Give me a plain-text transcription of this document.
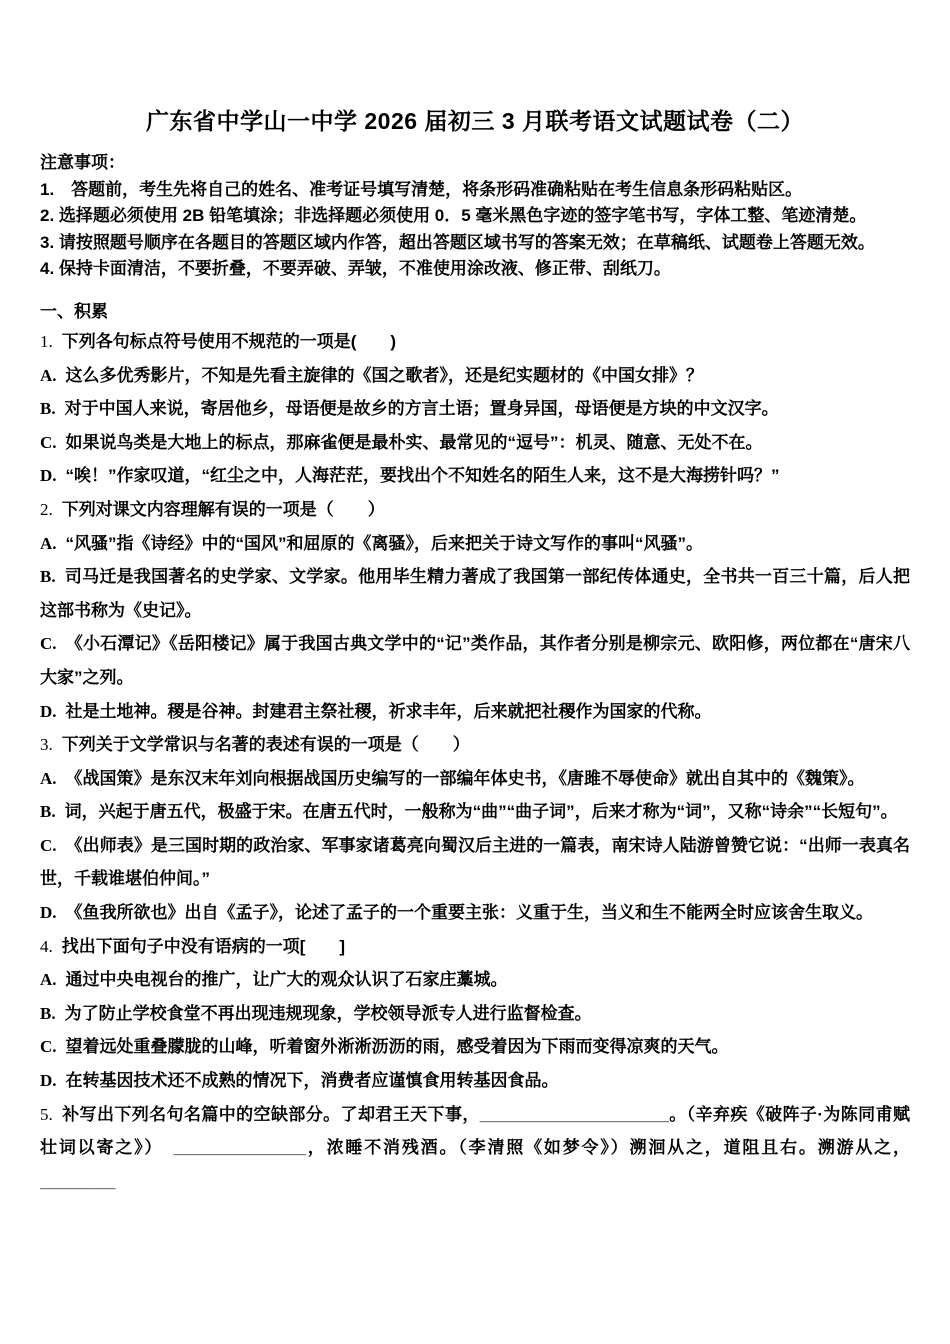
广东省中学山一中学 2026 届初三 3 月联考语文试题试卷（二）

注意事项：

1.　答题前，考生先将自己的姓名、准考证号填写清楚，将条形码准确粘贴在考生信息条形码粘贴区。

2. 选择题必须使用 2B 铅笔填涂；非选择题必须使用 0．5 毫米黑色字迹的签字笔书写，字体工整、笔迹清楚。

3. 请按照题号顺序在各题目的答题区域内作答，超出答题区域书写的答案无效；在草稿纸、试题卷上答题无效。

4. 保持卡面清洁，不要折叠，不要弄破、弄皱，不准使用涂改液、修正带、刮纸刀。

一、积累

1. 下列各句标点符号使用不规范的一项是(　　)

A. 这么多优秀影片，不知是先看主旋律的《国之歌者》，还是纪实题材的《中国女排》？

B. 对于中国人来说，寄居他乡，母语便是故乡的方言土语；置身异国，母语便是方块的中文汉字。

C. 如果说鸟类是大地上的标点，那麻雀便是最朴实、最常见的“逗号”：机灵、随意、无处不在。

D. “唉！”作家叹道，“红尘之中，人海茫茫，要找出个不知姓名的陌生人来，这不是大海捞针吗？”

2. 下列对课文内容理解有误的一项是（　　）

A. “风骚”指《诗经》中的“国风”和屈原的《离骚》，后来把关于诗文写作的事叫“风骚”。

B. 司马迁是我国著名的史学家、文学家。他用毕生精力著成了我国第一部纪传体通史，全书共一百三十篇，后人把这部书称为《史记》。

C. 《小石潭记》《岳阳楼记》属于我国古典文学中的“记”类作品，其作者分别是柳宗元、欧阳修，两位都在“唐宋八大家”之列。

D. 社是土地神。稷是谷神。封建君主祭社稷，祈求丰年，后来就把社稷作为国家的代称。

3. 下列关于文学常识与名著的表述有误的一项是（　　）

A. 《战国策》是东汉末年刘向根据战国历史编写的一部编年体史书，《唐雎不辱使命》就出自其中的《魏策》。

B. 词，兴起于唐五代，极盛于宋。在唐五代时，一般称为“曲”“曲子词”，后来才称为“词”，又称“诗余”“长短句”。

C. 《出师表》是三国时期的政治家、军事家诸葛亮向蜀汉后主进的一篇表，南宋诗人陆游曾赞它说：“出师一表真名世，千载谁堪伯仲间。”

D. 《鱼我所欲也》出自《孟子》，论述了孟子的一个重要主张：义重于生，当义和生不能两全时应该舍生取义。

4. 找出下面句子中没有语病的一项[　　]

A. 通过中央电视台的推广，让广大的观众认识了石家庄藁城。

B. 为了防止学校食堂不再出现违规现象，学校领导派专人进行监督检查。

C. 望着远处重叠朦胧的山峰，听着窗外淅淅沥沥的雨，感受着因为下雨而变得凉爽的天气。

D. 在转基因技术还不成熟的情况下，消费者应谨慎食用转基因食品。

5. 补写出下列名句名篇中的空缺部分。了却君王天下事，____________________。（辛弃疾《破阵子·为陈同甫赋壮词以寄之》）　______________，浓睡不消残酒。（李清照《如梦令》）溯洄从之，道阻且右。溯游从之，________
